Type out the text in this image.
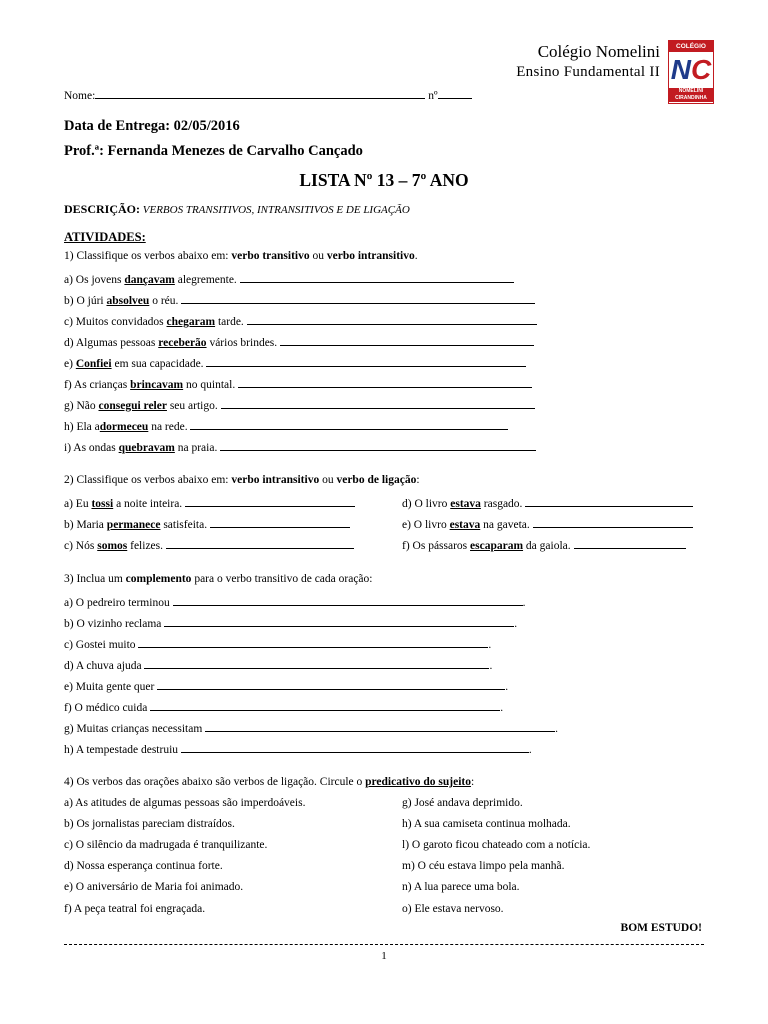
Colégio Nomelini
Ensino Fundamental II
COLÉGIO
NC
NOMELINI
CIRANDINHA
Nome:	nº
Data de Entrega: 02/05/2016
Prof.ª: Fernanda Menezes de Carvalho Cançado
LISTA Nº 13 – 7º ANO
DESCRIÇÃO: VERBOS TRANSITIVOS, INTRANSITIVOS E DE LIGAÇÃO
ATIVIDADES:
1) Classifique os verbos abaixo em: verbo transitivo ou verbo intransitivo.
a) Os jovens dançavam alegremente.
b) O júri absolveu o réu.
c) Muitos convidados chegaram tarde.
d) Algumas pessoas receberão vários brindes.
e) Confiei em sua capacidade.
f) As crianças brincavam no quintal.
g) Não consegui reler seu artigo.
h) Ela adormeceu na rede.
i) As ondas quebravam na praia.
2) Classifique os verbos abaixo em: verbo intransitivo ou verbo de ligação:
a) Eu tossi a noite inteira.
b) Maria permanece satisfeita.
c) Nós somos felizes.
d) O livro estava rasgado.
e) O livro estava na gaveta.
f) Os pássaros escaparam da gaiola.
3) Inclua um complemento para o verbo transitivo de cada oração:
a) O pedreiro terminou	.
b) O vizinho reclama	.
c) Gostei muito	.
d) A chuva ajuda	.
e) Muita gente quer	.
f) O médico cuida	.
g) Muitas crianças necessitam	.
h) A tempestade destruiu	.
4) Os verbos das orações abaixo são verbos de ligação. Circule o predicativo do sujeito:
a) As atitudes de algumas pessoas são imperdoáveis.
b) Os jornalistas pareciam distraídos.
c) O silêncio da madrugada é tranquilizante.
d) Nossa esperança continua forte.
e) O aniversário de Maria foi animado.
f) A peça teatral foi engraçada.
g) José andava deprimido.
h) A sua camiseta continua molhada.
l) O garoto ficou chateado com a notícia.
m) O céu estava limpo pela manhã.
n) A lua parece uma bola.
o) Ele estava nervoso.
BOM ESTUDO!
1
